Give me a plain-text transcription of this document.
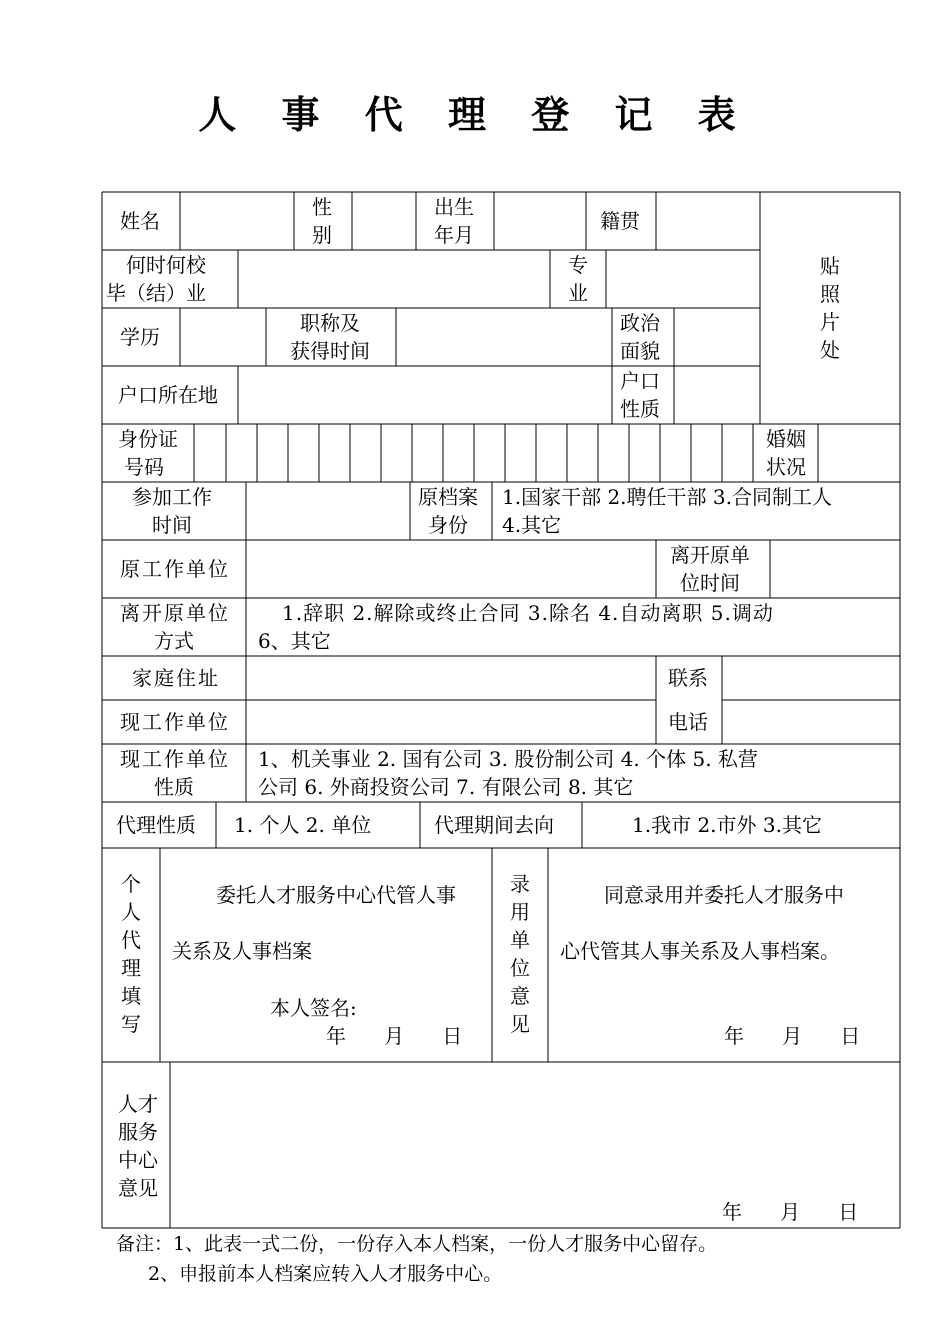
人 事 代 理 登 记 表
姓名
性
别
出生
年月
籍贯
贴照片处
何时何校
毕（结）业
专
业
学历
职称及
获得时间
政治
面貌
户口所在地
户口
性质
身份证
号码
婚姻
状况
参加工作
时间
原档案
身份
1.国家干部 2.聘任干部 3.合同制工人
4.其它
原工作单位
离开原单
位时间
离开原单位
方式
1.辞职 2.解除或终止合同 3.除名 4.自动离职 5.调动
6、其它
家庭住址
现工作单位
联系
电话
现工作单位
性质
1、机关事业 2. 国有公司 3. 股份制公司 4. 个体 5. 私营
公司 6. 外商投资公司 7. 有限公司 8. 其它
代理性质 1. 个人 2. 单位	代理期间去向	1.我市 2.市外 3.其它
个人代理填写
委托人才服务中心代管人事
关系及人事档案
本人签名:
年      月      日
录用单位意见
同意录用并委托人才服务中
心代管其人事关系及人事档案。
年      月      日
人才
服务
中心
意见
年      月      日
备注：1、此表一式二份，一份存入本人档案，一份人才服务中心留存。
2、申报前本人档案应转入人才服务中心。
